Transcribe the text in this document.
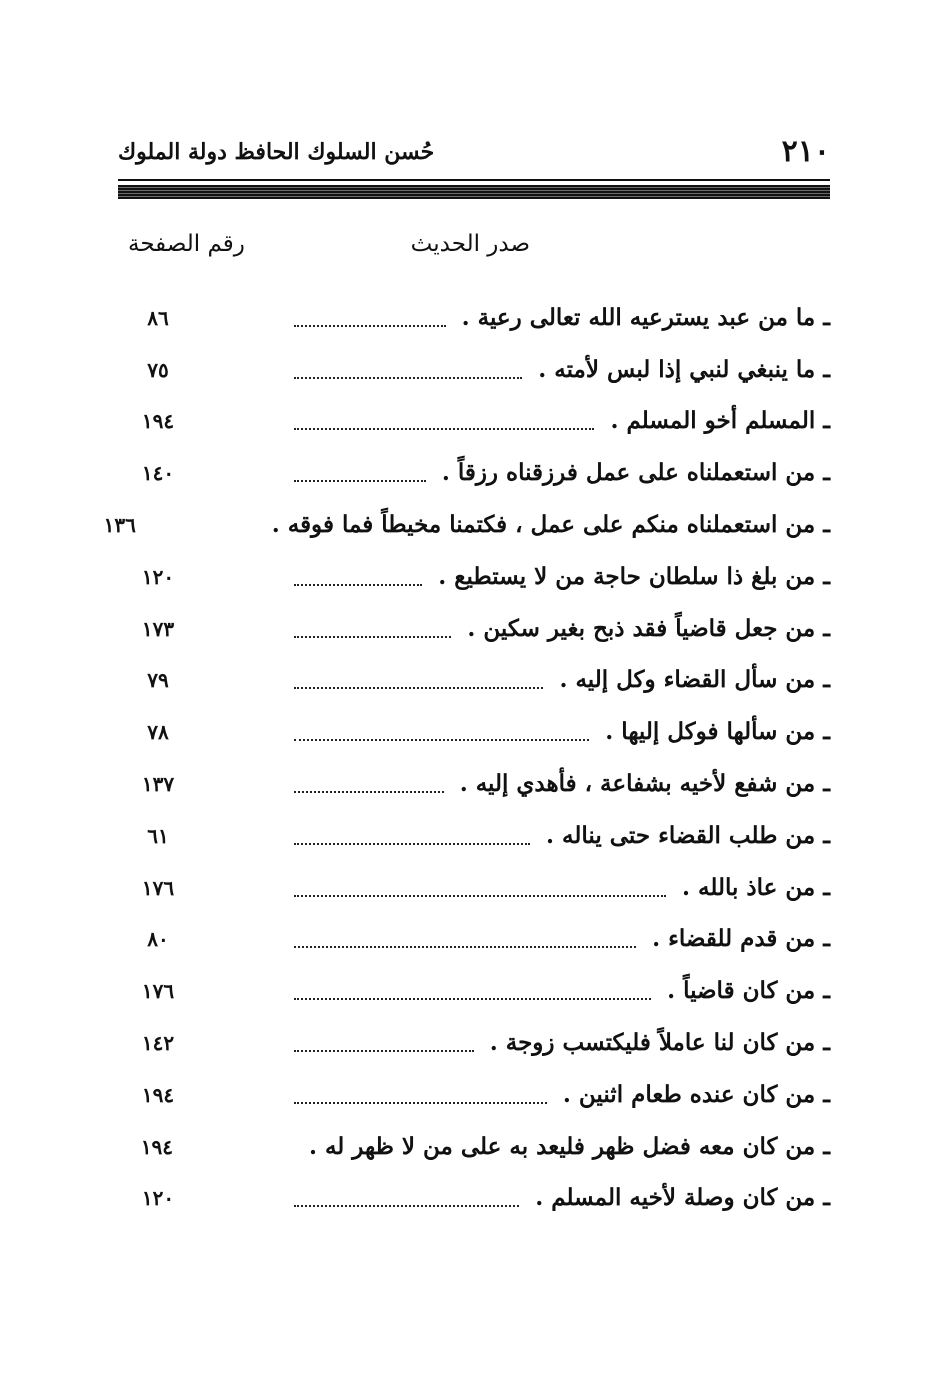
٢١٠
حُسن السلوك الحافظ دولة الملوك
صدر الحديث
رقم الصفحة
ـ ما من عبد يسترعيه الله تعالى رعية .
٨٦
ـ ما ينبغي لنبي إذا لبس لأمته .
٧٥
ـ المسلم أخو المسلم .
١٩٤
ـ من استعملناه على عمل فرزقناه رزقاً .
١٤٠
ـ من استعملناه منكم على عمل ، فكتمنا مخيطاً فما فوقه .
١٣٦
ـ من بلغ ذا سلطان حاجة من لا يستطيع .
١٢٠
ـ من جعل قاضياً فقد ذبح بغير سكين .
١٧٣
ـ من سأل القضاء وكل إليه .
٧٩
ـ من سألها فوكل إليها .
٧٨
ـ من شفع لأخيه بشفاعة ، فأهدي إليه .
١٣٧
ـ من طلب القضاء حتى يناله .
٦١
ـ من عاذ بالله .
١٧٦
ـ من قدم للقضاء .
٨٠
ـ من كان قاضياً .
١٧٦
ـ من كان لنا عاملاً فليكتسب زوجة .
١٤٢
ـ من كان عنده طعام اثنين .
١٩٤
ـ من كان معه فضل ظهر فليعد به على من لا ظهر له .
١٩٤
ـ من كان وصلة لأخيه المسلم .
١٢٠
